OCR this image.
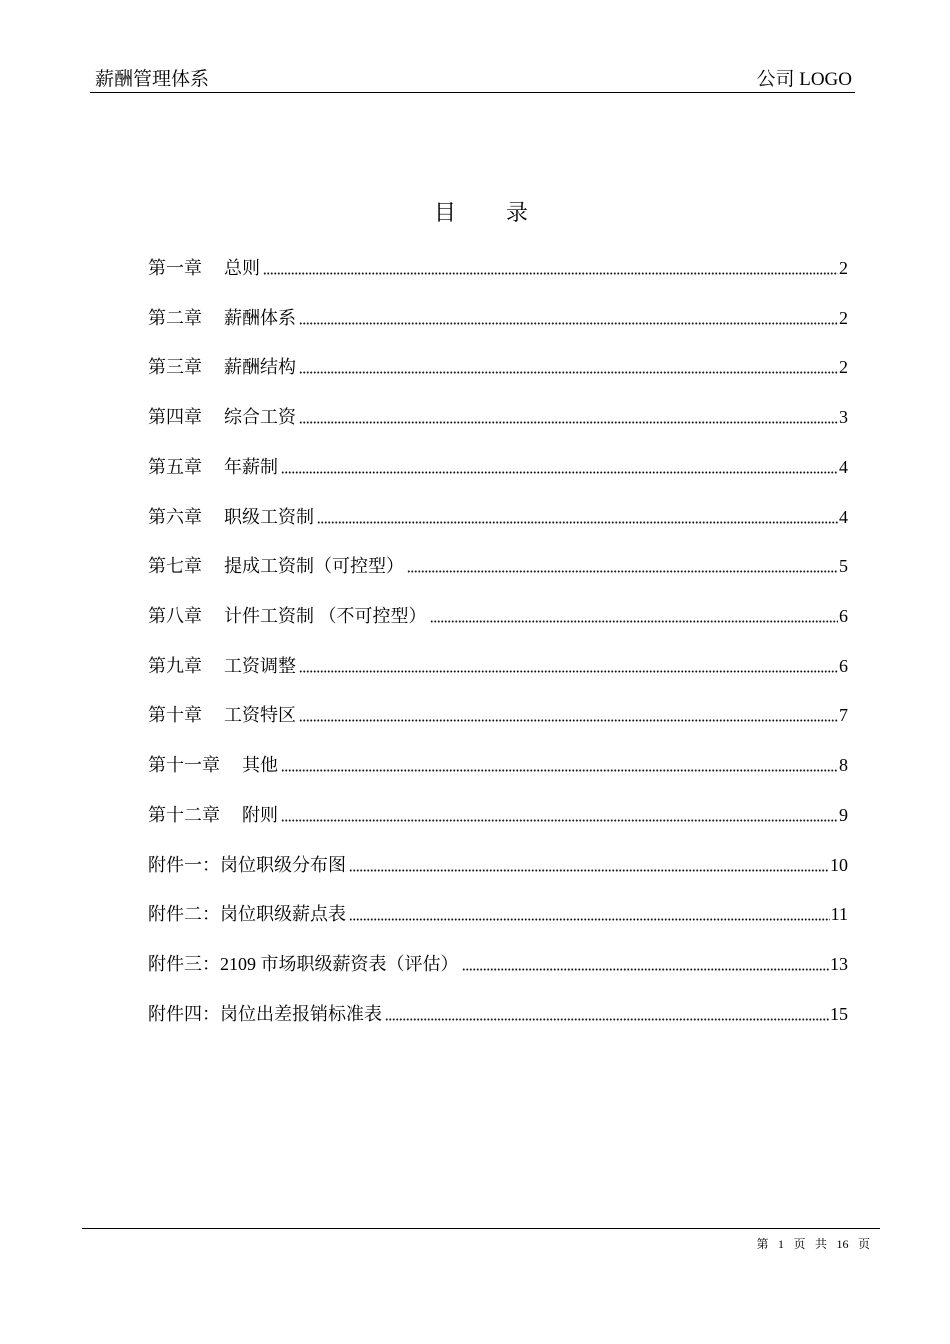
薪酬管理体系	公司 LOGO
目　　录
第一章 总则	2
第二章 薪酬体系	2
第三章 薪酬结构	2
第四章 综合工资	3
第五章 年薪制	4
第六章 职级工资制	4
第七章 提成工资制（可控型）	5
第八章 计件工资制 （不可控型）	6
第九章 工资调整	6
第十章 工资特区	7
第十一章 其他	8
第十二章 附则	9
附件一： 岗位职级分布图	10
附件二： 岗位职级薪点表	11
附件三： 2109 市场职级薪资表（评估）	13
附件四： 岗位出差报销标准表	15
第 1 页 共 16 页
